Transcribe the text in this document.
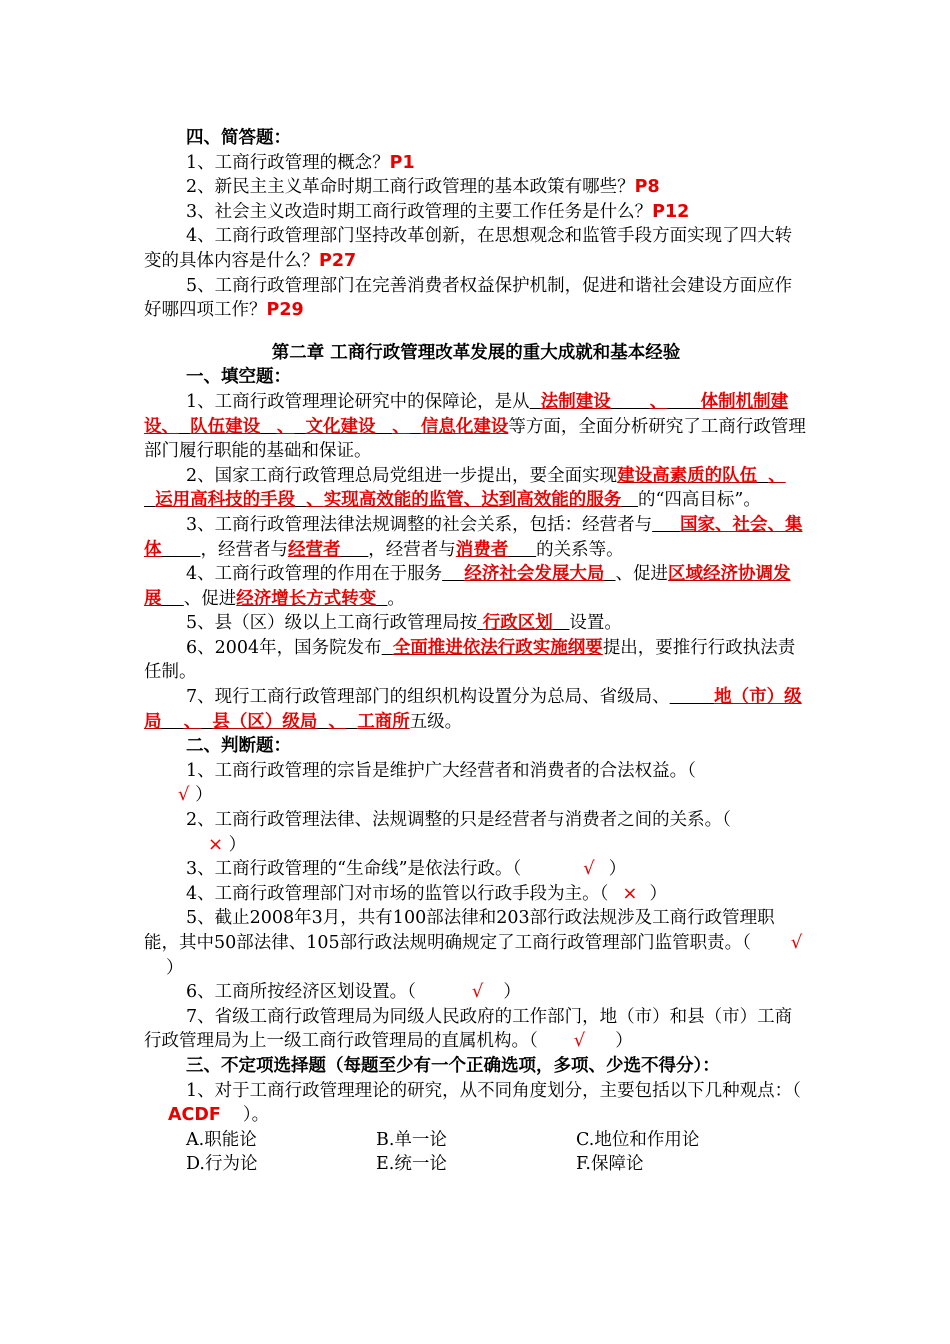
四、简答题：

1、工商行政管理的概念？P1

2、新民主主义革命时期工商行政管理的基本政策有哪些？P8

3、社会主义改造时期工商行政管理的主要工作任务是什么？P12

4、工商行政管理部门坚持改革创新，在思想观念和监管手段方面实现了四大转变的具体内容是什么？P27

5、工商行政管理部门在完善消费者权益保护机制，促进和谐社会建设方面应作好哪四项工作？P29

第二章 工商行政管理改革发展的重大成就和基本经验

一、填空题：

1、工商行政管理理论研究中的保障论，是从 法制建设 、 体制机制建设、 队伍建设 、 文化建设 、 信息化建设等方面，全面分析研究了工商行政管理部门履行职能的基础和保证。

2、国家工商行政管理总局党组进一步提出，要全面实现建设高素质的队伍 、  运用高科技的手段 、实现高效能的监管、达到高效能的服务 的“四高目标”。

3、工商行政管理法律法规调整的社会关系，包括：经营者与 国家、社会、集体 ，经营者与经营者 ，经营者与消费者 的关系等。

4、工商行政管理的作用在于服务 经济社会发展大局 、促进区域经济协调发展 、促进经济增长方式转变 。

5、县（区）级以上工商行政管理局按 行政区划 设置。

6、2004年，国务院发布 全面推进依法行政实施纲要提出，要推行行政执法责任制。

7、现行工商行政管理部门的组织机构设置分为总局、省级局、	地（市）级局 、 县（区）级局 、 工商所五级。

二、判断题：

1、工商行政管理的宗旨是维护广大经营者和消费者的合法权益。（
√ ）

2、工商行政管理法律、法规调整的只是经营者与消费者之间的关系。（
× ）

3、工商行政管理的“生命线”是依法行政。（	√ ）

4、工商行政管理部门对市场的监管以行政手段为主。（ × ）

5、截止2008年3月，共有100部法律和203部行政法规涉及工商行政管理职能，其中50部法律、105部行政法规明确规定了工商行政管理部门监管职责。（ √）

6、工商所按经济区划设置。（	√ ）

7、省级工商行政管理局为同级人民政府的工作部门，地（市）和县（市）工商行政管理局为上一级工商行政管理局的直属机构。（ √ ）

三、不定项选择题（每题至少有一个正确选项，多项、少选不得分）：

1、对于工商行政管理理论的研究，从不同角度划分，主要包括以下几种观点：（ACDF ）。

A.职能论	B.单一论	C.地位和作用论
D.行为论	E.统一论	F.保障论
